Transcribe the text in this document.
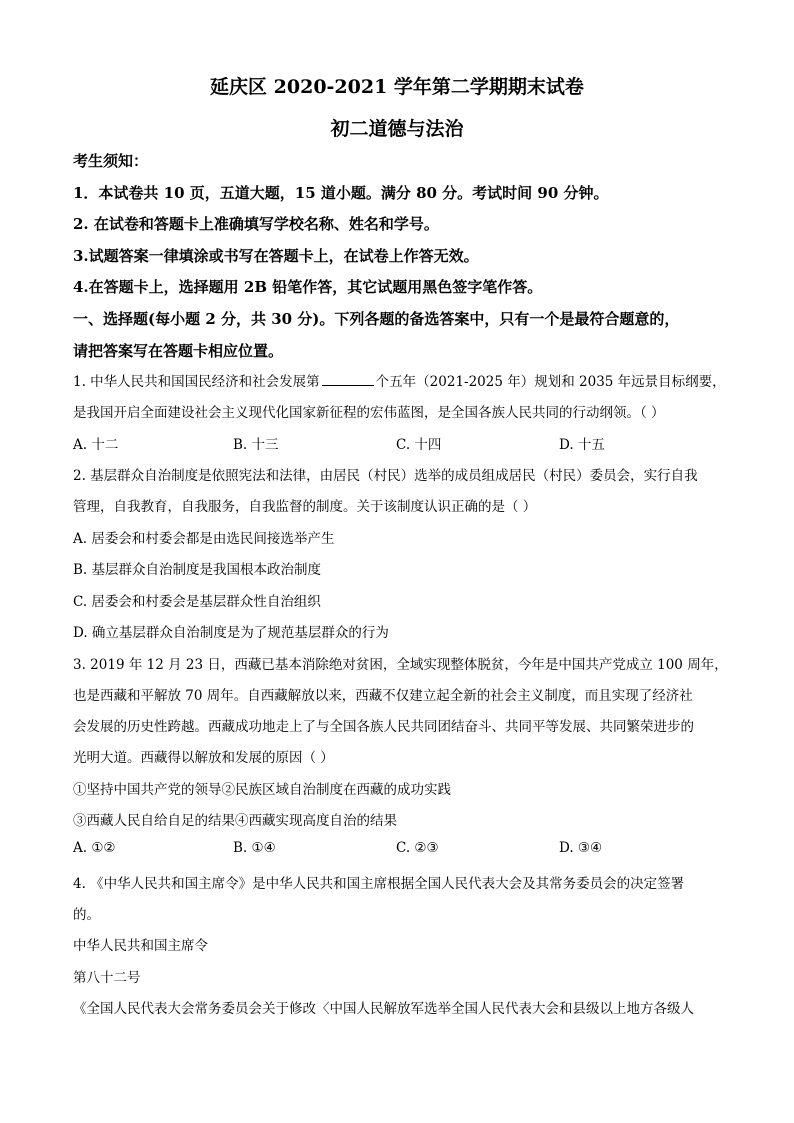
延庆区 2020-2021 学年第二学期期末试卷
初二道德与法治
考生须知：
1．本试卷共 10 页，五道大题，15 道小题。满分 80 分。考试时间 90 分钟。
2. 在试卷和答题卡上准确填写学校名称、姓名和学号。
3.试题答案一律填涂或书写在答题卡上，在试卷上作答无效。
4.在答题卡上，选择题用 2B 铅笔作答，其它试题用黑色签字笔作答。
一、选择题(每小题 2 分，共 30 分)。下列各题的备选答案中，只有一个是最符合题意的，
请把答案写在答题卡相应位置。
1. 中华人民共和国国民经济和社会发展第	个五年（2021-2025 年）规划和 2035 年远景目标纲要，
是我国开启全面建设社会主义现代化国家新征程的宏伟蓝图，是全国各族人民共同的行动纲领。（ ）
A. 十二	B. 十三	C. 十四	D. 十五
2. 基层群众自治制度是依照宪法和法律，由居民（村民）选举的成员组成居民（村民）委员会，实行自我
管理，自我教育，自我服务，自我监督的制度。关于该制度认识正确的是（ ）
A. 居委会和村委会都是由选民间接选举产生
B. 基层群众自治制度是我国根本政治制度
C. 居委会和村委会是基层群众性自治组织
D. 确立基层群众自治制度是为了规范基层群众的行为
3. 2019 年 12 月 23 日，西藏已基本消除绝对贫困，全域实现整体脱贫，今年是中国共产党成立 100 周年，
也是西藏和平解放 70 周年。自西藏解放以来，西藏不仅建立起全新的社会主义制度，而且实现了经济社
会发展的历史性跨越。西藏成功地走上了与全国各族人民共同团结奋斗、共同平等发展、共同繁荣进步的
光明大道。西藏得以解放和发展的原因（ ）
①坚持中国共产党的领导②民族区域自治制度在西藏的成功实践
③西藏人民自给自足的结果④西藏实现高度自治的结果
A. ①②	B. ①④	C. ②③	D. ③④
4. 《中华人民共和国主席令》是中华人民共和国主席根据全国人民代表大会及其常务委员会的决定签署
的。
中华人民共和国主席令
第八十二号
《全国人民代表大会常务委员会关于修改〈中国人民解放军选举全国人民代表大会和县级以上地方各级人
